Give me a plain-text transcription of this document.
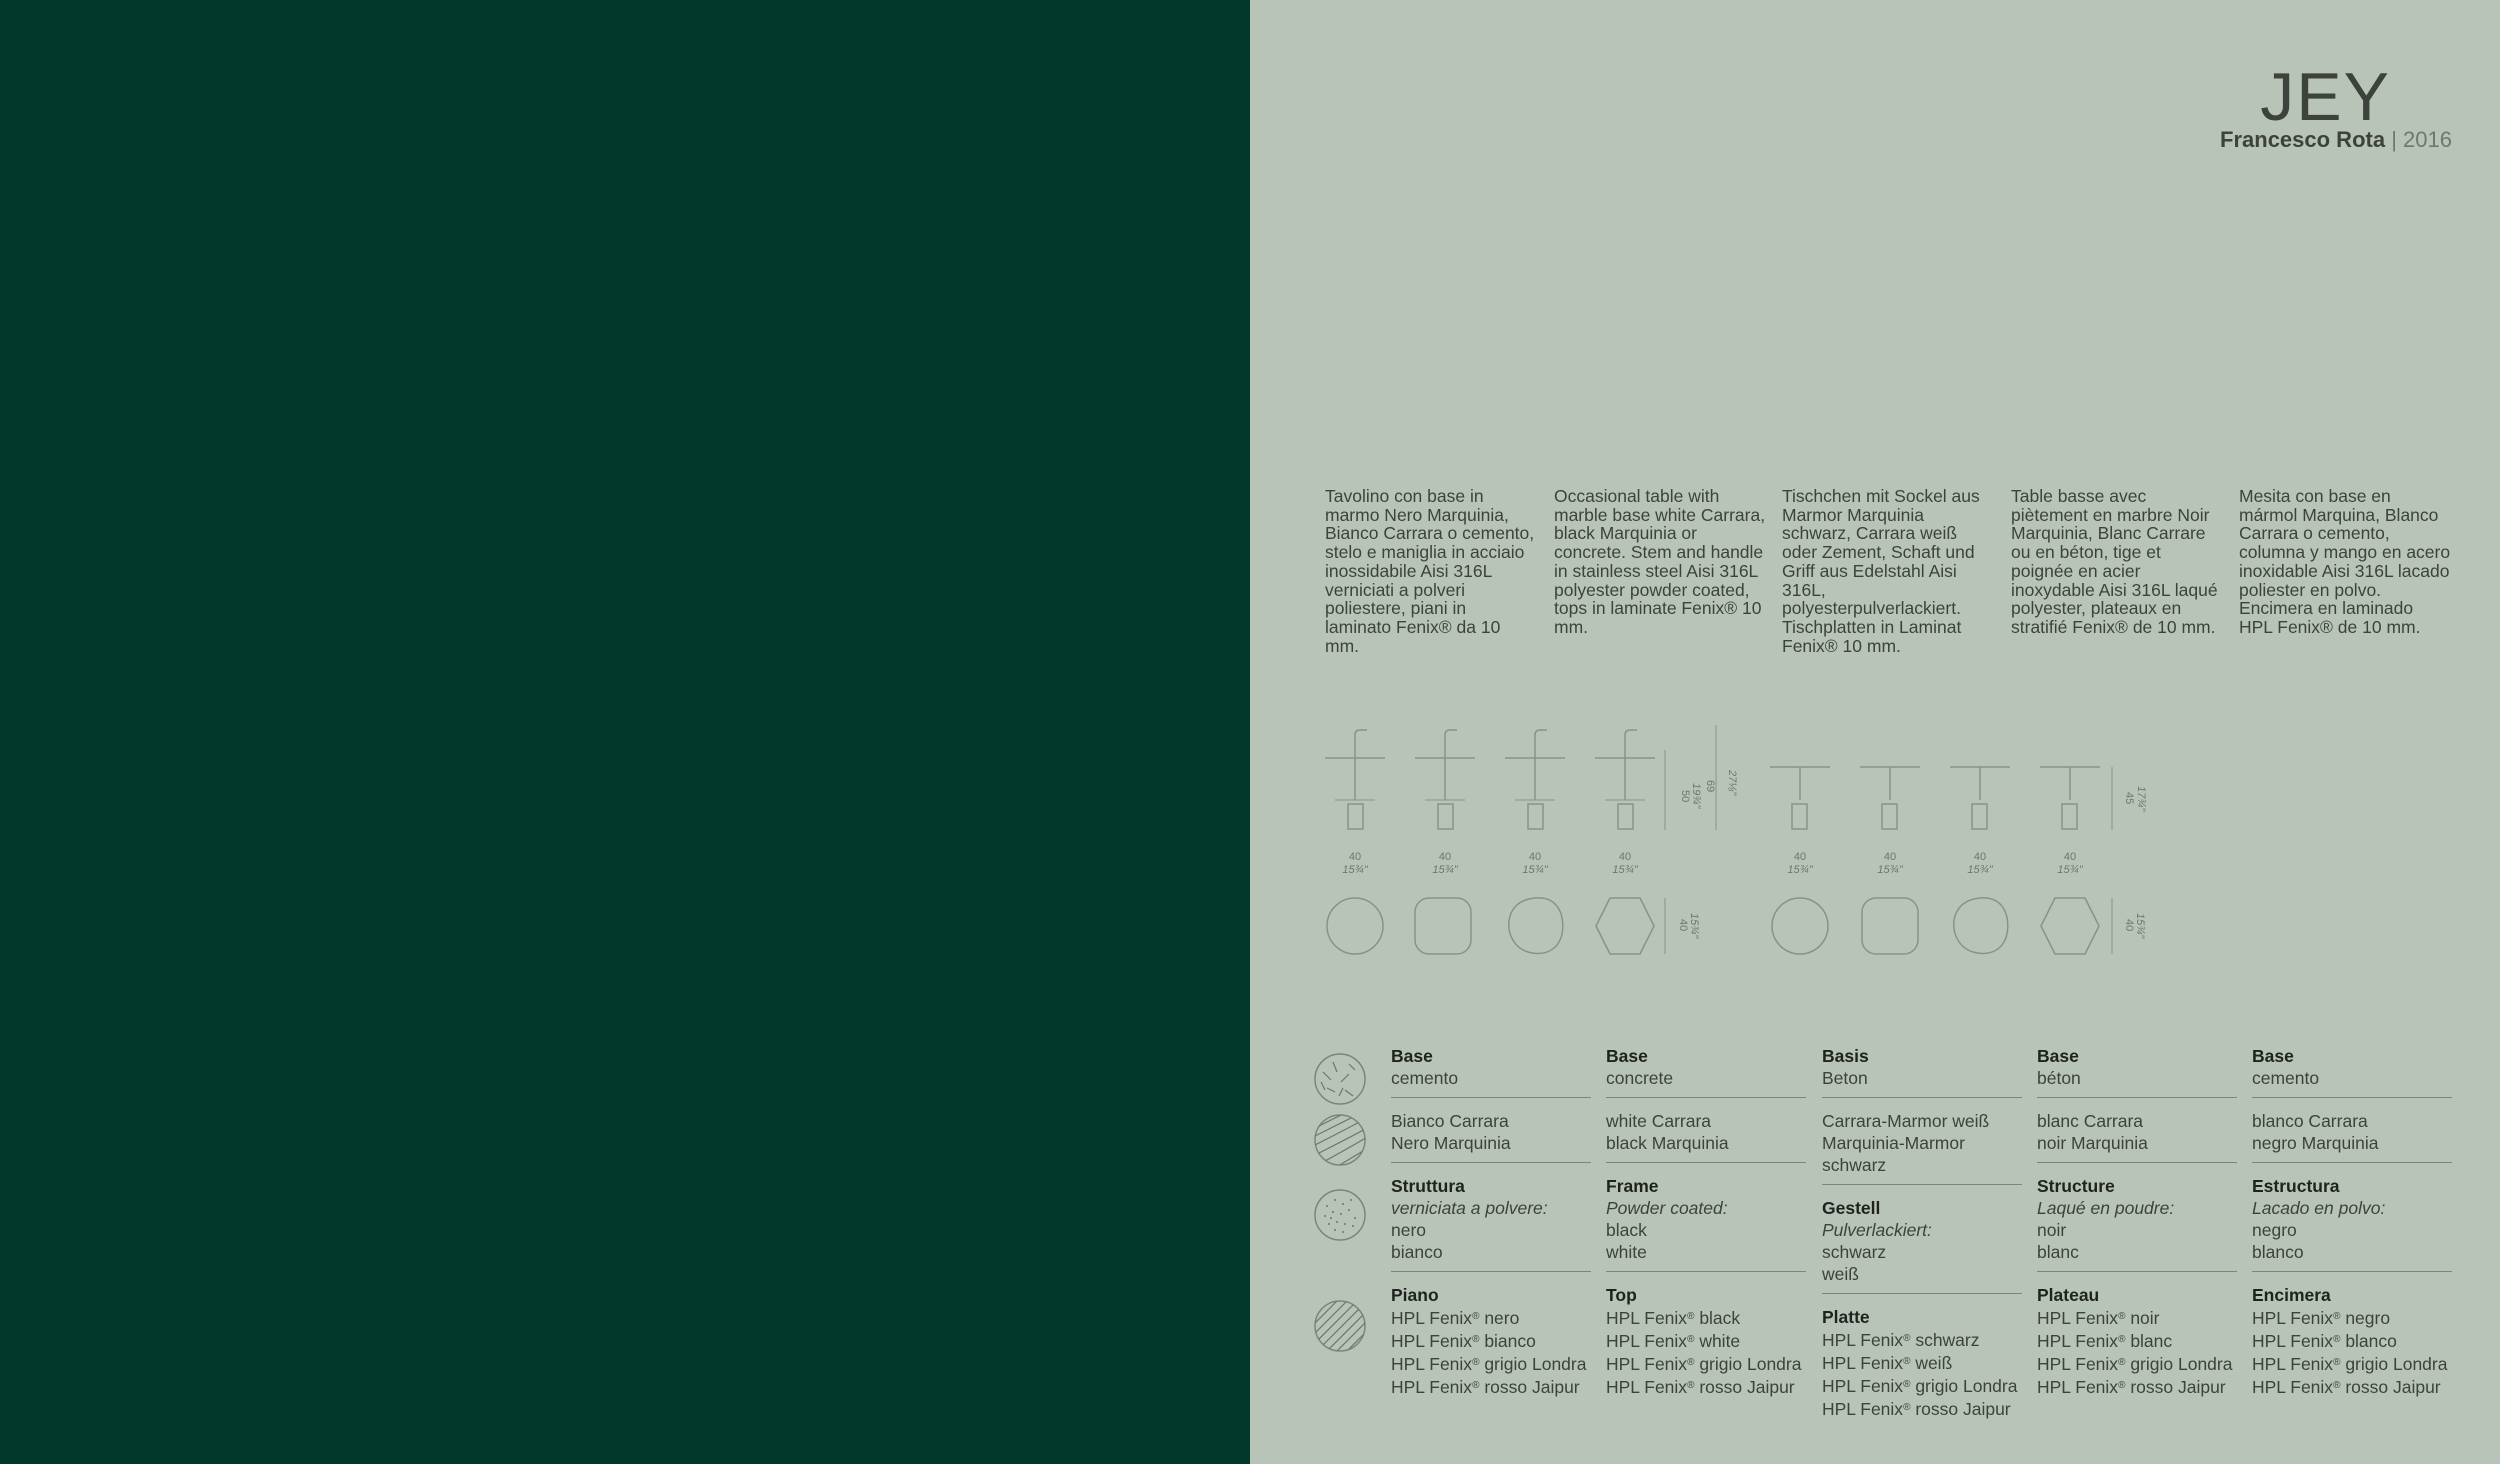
JEY
Francesco Rota | 2016
Tavolino con base in marmo Nero Marquinia, Bianco Carrara o cemento, stelo e maniglia in acciaio inossidabile Aisi 316L verniciati a polveri poliestere, piani in laminato Fenix® da 10 mm.
Occasional table with marble base white Carrara, black Marquinia or concrete. Stem and handle in stainless steel Aisi 316L polyester powder coated, tops in laminate Fenix® 10 mm.
Tischchen mit Sockel aus Marmor Marquinia schwarz, Carrara weiß oder Zement, Schaft und Griff aus Edelstahl Aisi 316L, polyesterpulverlackiert. Tischplatten in Laminat Fenix® 10 mm.
Table basse avec piètement en marbre Noir Marquinia, Blanc Carrare ou en béton, tige et poignée en acier inoxydable Aisi 316L laqué polyester, plateaux en stratifié Fenix® de 10 mm.
Mesita con base en mármol Marquina, Blanco Carrara o cemento, columna y mango en acero inoxidable Aisi 316L lacado poliester en polvo. Encimera en laminado HPL Fenix® de 10 mm.
40
15¾"
40
15¾"
40
15¾"
40
15¾"
40
15¾"
40
15¾"
40
15¾"
40
15¾"
50 19¾" 69 27⅛"
45 17¾"
40 15¾"	40 15¾"

Base

cemento

Bianco Carrara

Nero Marquinia

Struttura

verniciata a polvere:

nero

bianco

Piano

HPL Fenix® nero

HPL Fenix® bianco

HPL Fenix® grigio Londra

HPL Fenix® rosso Jaipur

Base

concrete

white Carrara

black Marquinia

Frame

Powder coated:

black

white

Top

HPL Fenix® black

HPL Fenix® white

HPL Fenix® grigio Londra

HPL Fenix® rosso Jaipur

Basis

Beton

Carrara-Marmor weiß

Marquinia-Marmor schwarz

Gestell

Pulverlackiert:

schwarz

weiß

Platte

HPL Fenix® schwarz

HPL Fenix® weiß

HPL Fenix® grigio Londra

HPL Fenix® rosso Jaipur

Base

béton

blanc Carrara

noir Marquinia

Structure

Laqué en poudre:

noir

blanc

Plateau

HPL Fenix® noir

HPL Fenix® blanc

HPL Fenix® grigio Londra

HPL Fenix® rosso Jaipur

Base

cemento

blanco Carrara

negro Marquinia

Estructura

Lacado en polvo:

negro

blanco

Encimera

HPL Fenix® negro

HPL Fenix® blanco

HPL Fenix® grigio Londra

HPL Fenix® rosso Jaipur
